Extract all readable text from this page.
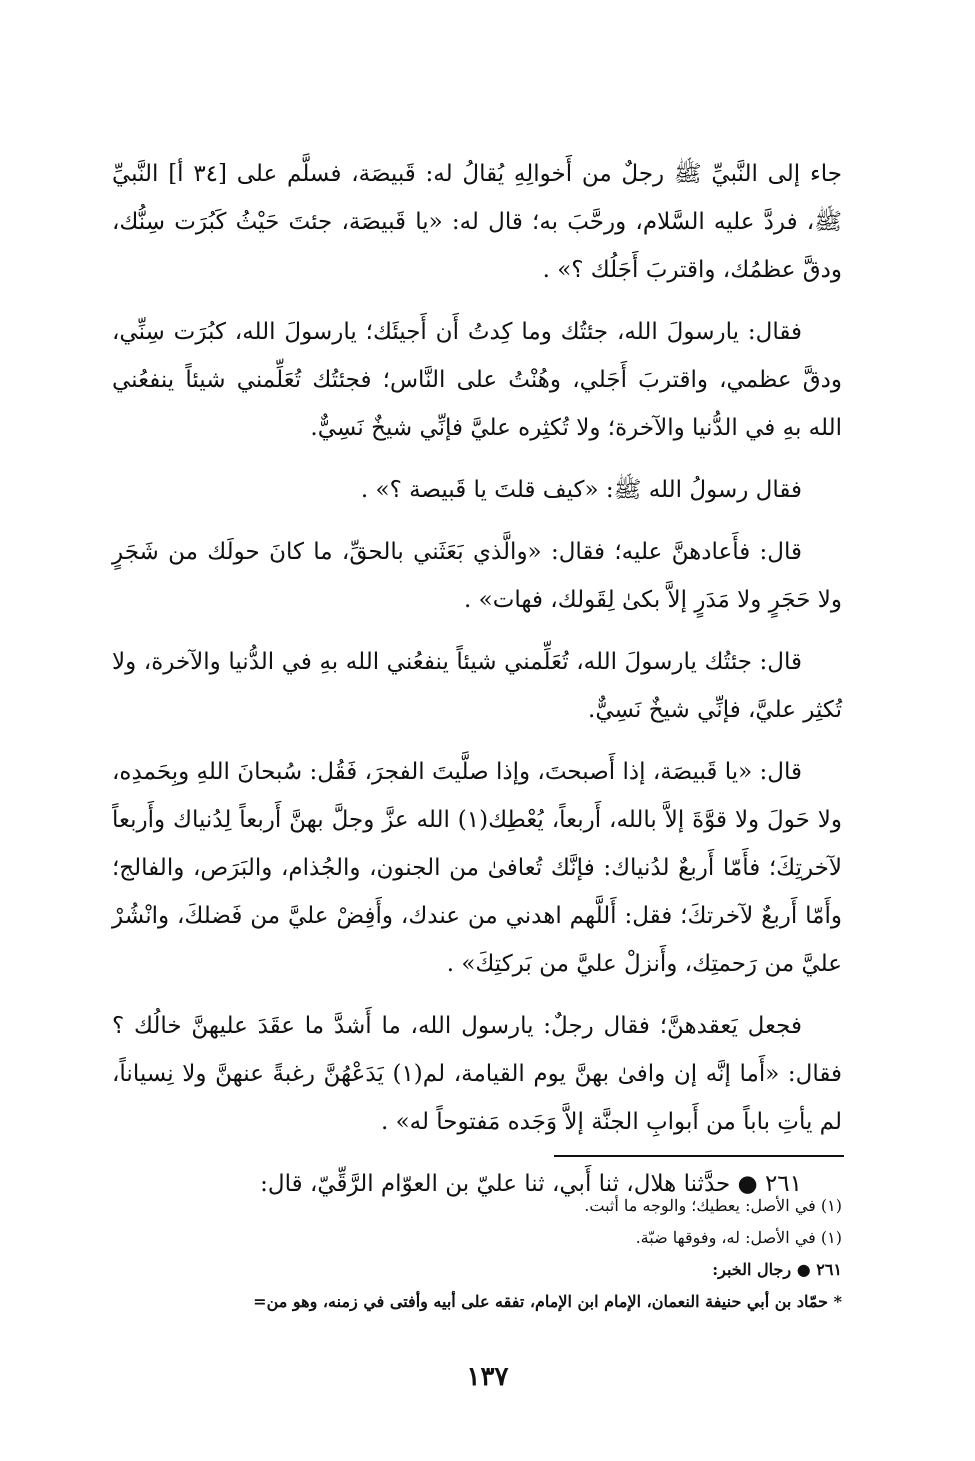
جاء إلى النَّبيِّ ﷺ رجلٌ من أَخوالِهِ يُقالُ له: قَبيصَة، فسلَّم على [٣٤ أ] النَّبيِّ ﷺ، فردَّ عليه السَّلام، ورحَّبَ به؛ قال له: «يا قَبيصَة، جئتَ حَيْثُ كَبُرَت سِنُّك، ودقَّ عظمُك، واقتربَ أَجَلُك ؟» .

فقال: يارسولَ الله، جئتُك وما كِدتُ أَن أَجيئَك؛ يارسولَ الله، كبُرَت سِنِّي، ودقَّ عظمي، واقتربَ أَجَلي، وهُنْتُ على النَّاس؛ فجئتُك تُعَلِّمني شيئاً ينفعُني الله بهِ في الدُّنيا والآخرة؛ ولا تُكثِره عليَّ فإنِّي شيخٌ نَسِيٌّ.

فقال رسولُ الله ﷺ: «كيف قلتَ يا قَبيصة ؟» .

قال: فأَعادهنَّ عليه؛ فقال: «والَّذي بَعَثَني بالحقِّ، ما كانَ حولَك من شَجَرٍ ولا حَجَرٍ ولا مَدَرٍ إلاَّ بكىٰ لِقَولك، فهات» .

قال: جئتُك يارسولَ الله، تُعَلِّمني شيئاً ينفعُني الله بهِ في الدُّنيا والآخرة، ولا تُكثِر عليَّ، فإنِّي شيخٌ نَسِيٌّ.

قال: «يا قَبيصَة، إذا أَصبحتَ، وإذا صلَّيتَ الفجرَ، فَقُل: سُبحانَ اللهِ وبِحَمدِه، ولا حَولَ ولا قوَّةَ إلاَّ بالله، أَربعاً، يُعْطِك(١) الله عزَّ وجلَّ بهنَّ أَربعاً لِدُنياك وأَربعاً لآخرتِكَ؛ فأَمّا أَربعٌ لدُنياك: فإنَّك تُعافىٰ من الجنون، والجُذام، والبَرَص، والفالج؛ وأَمّا أَربعٌ لآخرتكَ؛ فقل: أَللَّهم اهدني من عندك، وأَفِضْ عليَّ من فَضلكَ، وانْشُرْ عليَّ من رَحمتِك، وأَنزلْ عليَّ من بَركتِكَ» .

فجعل يَعقدهنَّ؛ فقال رجلٌ: يارسول الله، ما أَشدَّ ما عقَدَ عليهنَّ خالُك ؟ فقال: «أَما إنَّه إن وافىٰ بهنَّ يوم القيامة، لم(١) يَدَعْهُنَّ رغبةً عنهنَّ ولا نِسياناً، لم يأتِ باباً من أَبوابِ الجنَّة إلاَّ وَجَده مَفتوحاً له» .

٢٦١ ● حدَّثنا هلال، ثنا أَبي، ثنا عليّ بن العوّام الرَّقِّيّ، قال:

(١) في الأصل: يعطيك؛ والوجه ما أثبت.

(١) في الأصل: له، وفوقها ضبّة.

٢٦١ ● رجال الخبر:

* حمّاد بن أبي حنيفة النعمان، الإمام ابن الإمام، تفقه على أبيه وأفتى في زمنه، وهو من=

١٣٧
